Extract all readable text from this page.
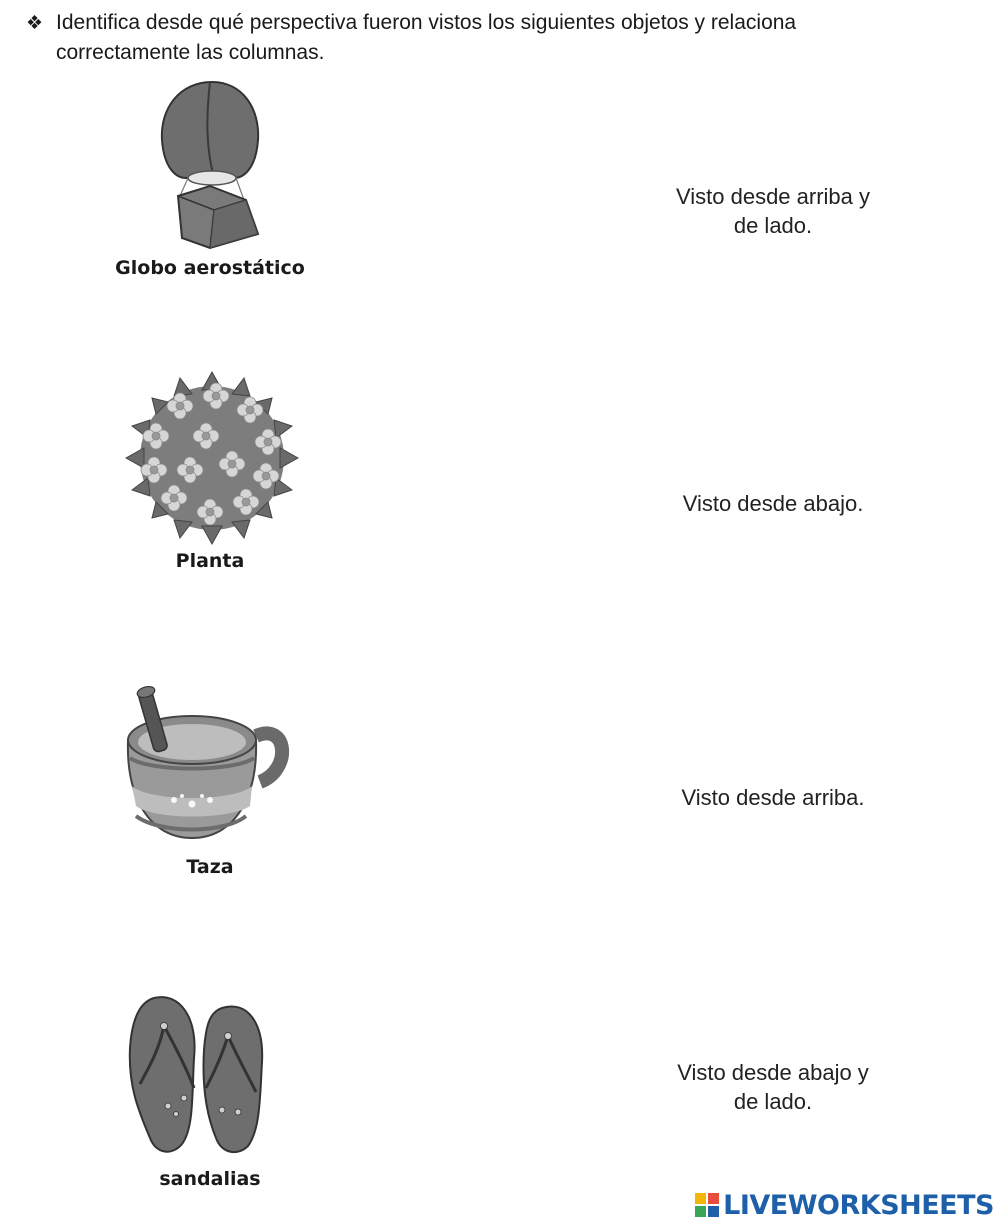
❖ Identifica desde qué perspectiva fueron vistos los siguientes objetos y relaciona
correctamente las columnas.
Globo aerostático
Planta
Taza
sandalias
Visto desde arriba y
de lado.
Visto desde abajo.
Visto desde arriba.
Visto desde abajo y
de lado.
LIVEWORKSHEETS
